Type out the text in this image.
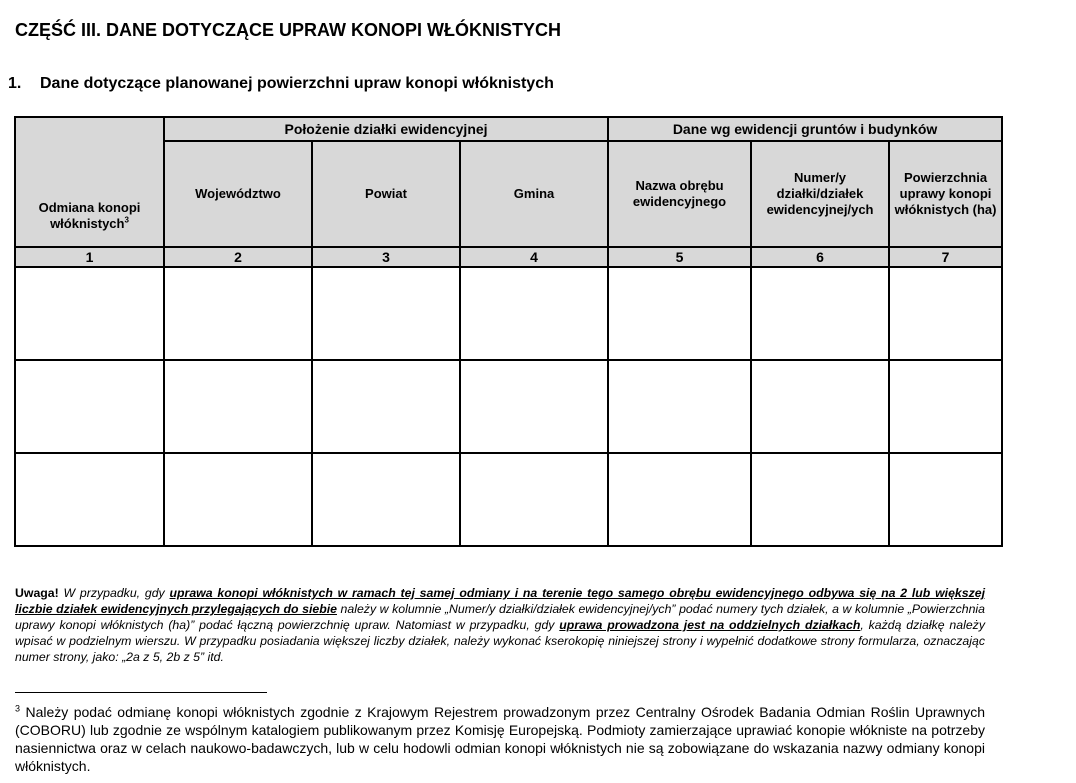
CZĘŚĆ III. DANE DOTYCZĄCE UPRAW KONOPI WŁÓKNISTYCH
1. Dane dotyczące planowanej powierzchni upraw konopi włóknistych
Odmiana konopi włóknistych$^3$	Położenie działki ewidencyjnej			Dane wg ewidencji gruntów i budynków		
	Województwo	Powiat	Gmina	Nazwa obrębu ewidencyjnego	Numer/y działki/działek ewidencyjnej/ych	Powierzchnia uprawy konopi włóknistych (ha)
1	2	3	4	5	6	7

Uwaga! W przypadku, gdy uprawa konopi włóknistych w ramach tej samej odmiany i na terenie tego samego obrębu ewidencyjnego odbywa się na 2 lub większej liczbie działek ewidencyjnych przylegających do siebie należy w kolumnie „Numer/y działki/działek ewidencyjnej/ych” podać numery tych działek, a w kolumnie „Powierzchnia uprawy konopi włóknistych (ha)” podać łączną powierzchnię upraw. Natomiast w przypadku, gdy uprawa prowadzona jest na oddzielnych działkach, każdą działkę należy wpisać w podzielnym wierszu. W przypadku posiadania większej liczby działek, należy wykonać kserokopię niniejszej strony i wypełnić dodatkowe strony formularza, oznaczając numer strony, jako: „2a z 5, 2b z 5” itd.
$^3$ Należy podać odmianę konopi włóknistych zgodnie z Krajowym Rejestrem prowadzonym przez Centralny Ośrodek Badania Odmian Roślin Uprawnych (COBORU) lub zgodnie ze wspólnym katalogiem publikowanym przez Komisję Europejską. Podmioty zamierzające uprawiać konopie włókniste na potrzeby nasiennictwa oraz w celach naukowo-badawczych, lub w celu hodowli odmian konopi włóknistych nie są zobowiązane do wskazania nazwy odmiany konopi włóknistych.
